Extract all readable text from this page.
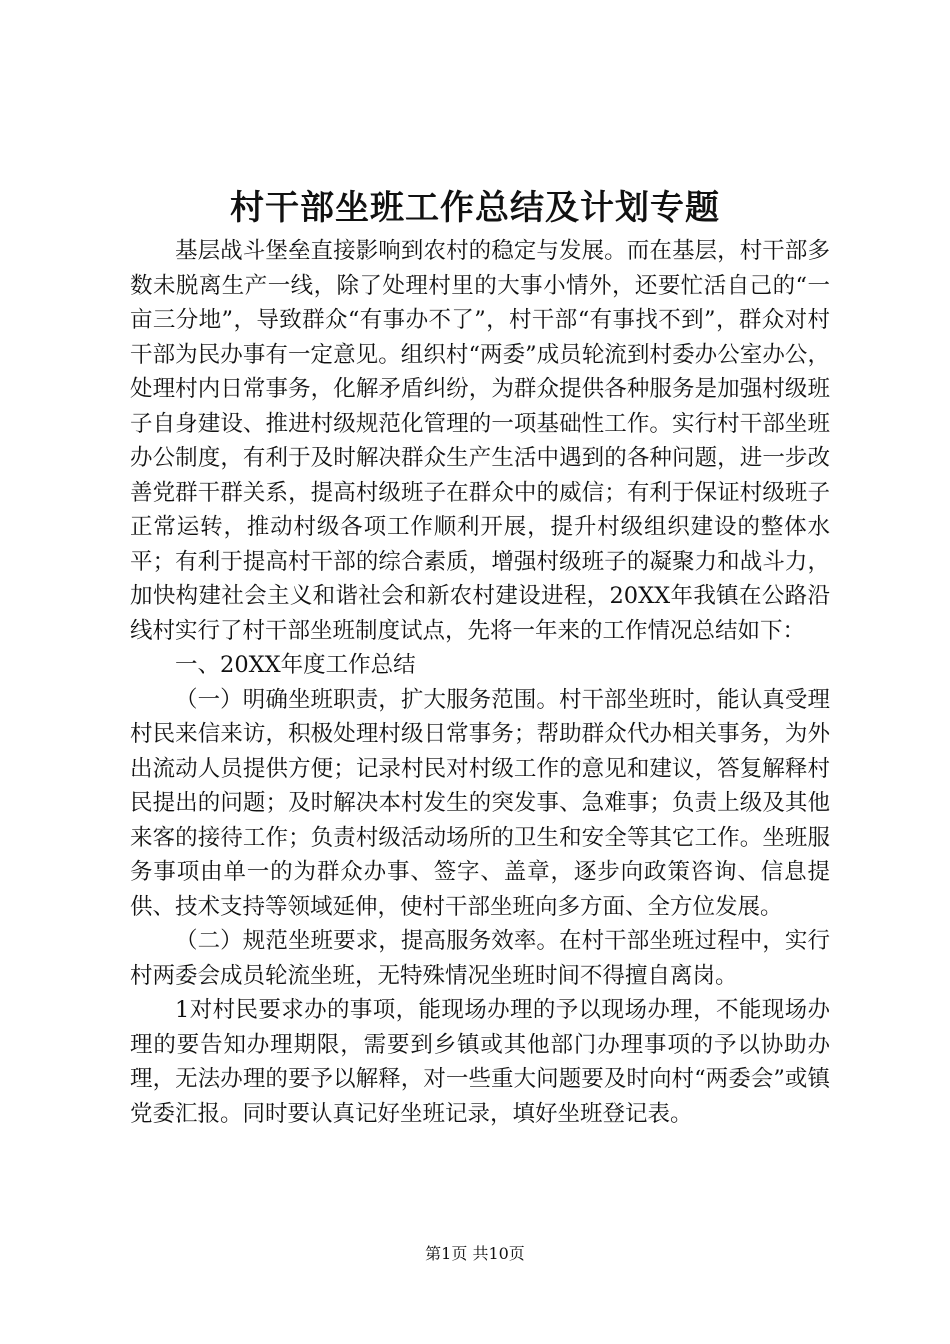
村干部坐班工作总结及计划专题

基层战斗堡垒直接影响到农村的稳定与发展。而在基层，村干部多数未脱离生产一线，除了处理村里的大事小情外，还要忙活自己的“一亩三分地”，导致群众“有事办不了”，村干部“有事找不到”，群众对村干部为民办事有一定意见。组织村“两委”成员轮流到村委办公室办公，处理村内日常事务，化解矛盾纠纷，为群众提供各种服务是加强村级班子自身建设、推进村级规范化管理的一项基础性工作。实行村干部坐班办公制度，有利于及时解决群众生产生活中遇到的各种问题，进一步改善党群干群关系，提高村级班子在群众中的威信；有利于保证村级班子正常运转，推动村级各项工作顺利开展，提升村级组织建设的整体水平；有利于提高村干部的综合素质，增强村级班子的凝聚力和战斗力，加快构建社会主义和谐社会和新农村建设进程，20XX年我镇在公路沿线村实行了村干部坐班制度试点，先将一年来的工作情况总结如下：

一、20XX年度工作总结

（一）明确坐班职责，扩大服务范围。村干部坐班时，能认真受理村民来信来访，积极处理村级日常事务；帮助群众代办相关事务，为外出流动人员提供方便；记录村民对村级工作的意见和建议，答复解释村民提出的问题；及时解决本村发生的突发事、急难事；负责上级及其他来客的接待工作；负责村级活动场所的卫生和安全等其它工作。坐班服务事项由单一的为群众办事、签字、盖章，逐步向政策咨询、信息提供、技术支持等领域延伸，使村干部坐班向多方面、全方位发展。

（二）规范坐班要求，提高服务效率。在村干部坐班过程中，实行村两委会成员轮流坐班，无特殊情况坐班时间不得擅自离岗。

1对村民要求办的事项，能现场办理的予以现场办理，不能现场办理的要告知办理期限，需要到乡镇或其他部门办理事项的予以协助办理，无法办理的要予以解释，对一些重大问题要及时向村“两委会”或镇党委汇报。同时要认真记好坐班记录，填好坐班登记表。

第1页 共10页
